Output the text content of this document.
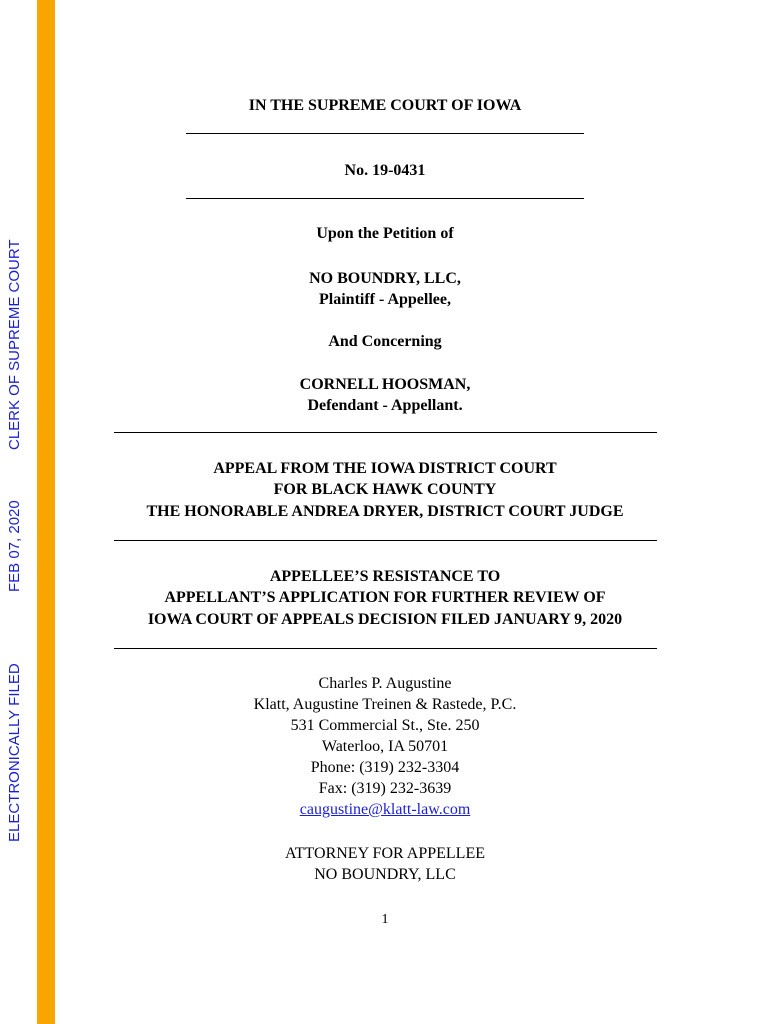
ELECTRONICALLY FILED
FEB 07, 2020
CLERK OF SUPREME COURT
IN THE SUPREME COURT OF IOWA
No. 19-0431
Upon the Petition of
NO BOUNDRY, LLC,
Plaintiff - Appellee,
And Concerning
CORNELL HOOSMAN,
Defendant - Appellant.
APPEAL FROM THE IOWA DISTRICT COURT
FOR BLACK HAWK COUNTY
THE HONORABLE ANDREA DRYER, DISTRICT COURT JUDGE
APPELLEE’S RESISTANCE TO
APPELLANT’S APPLICATION FOR FURTHER REVIEW OF
IOWA COURT OF APPEALS DECISION FILED JANUARY 9, 2020
Charles P. Augustine
Klatt, Augustine Treinen & Rastede, P.C.
531 Commercial St., Ste. 250
Waterloo, IA 50701
Phone: (319) 232-3304
Fax: (319) 232-3639
caugustine@klatt-law.com
ATTORNEY FOR APPELLEE
NO BOUNDRY, LLC
1
